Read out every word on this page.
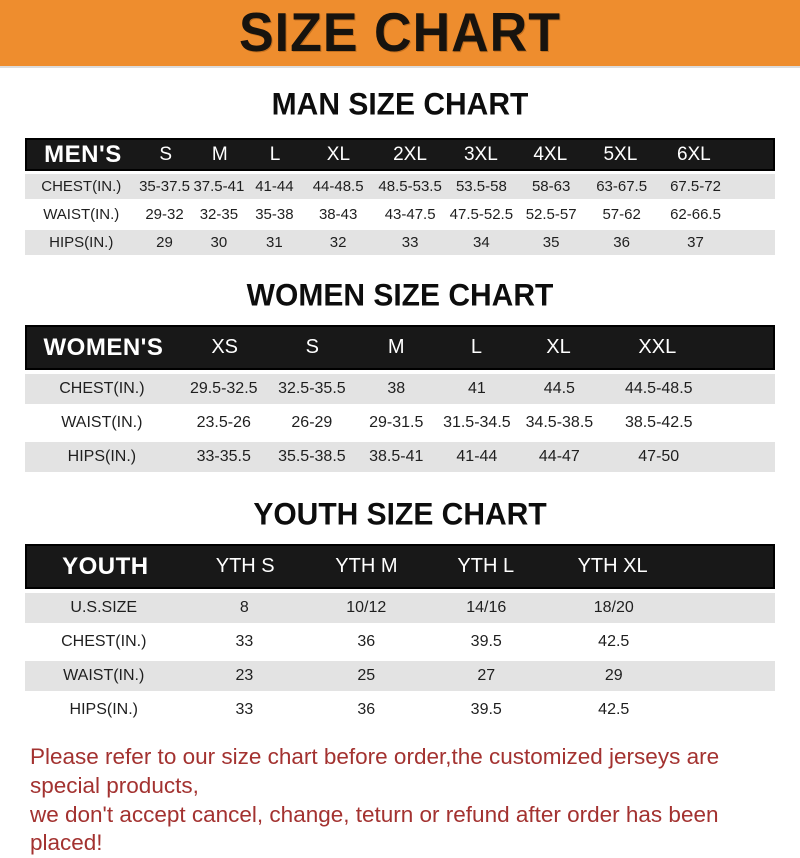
SIZE CHART
MAN SIZE CHART
MEN'S	S	M	L	XL	2XL	3XL	4XL	5XL	6XL
CHEST(IN.)	35-37.5 37.5-41 41-44	44-48.5 48.5-53.5 53.5-58	58-63	63-67.5	67.5-72
WAIST(IN.)	29-32	32-35	35-38	38-43	43-47.5 47.5-52.5 52.5-57	57-62	62-66.5
HIPS(IN.)	29	30	31	32	33	34	35	36	37
WOMEN SIZE CHART
WOMEN'S	XS	S	M	L	XL	XXL
CHEST(IN.)	29.5-32.5	32.5-35.5	38	41	44.5	44.5-48.5
WAIST(IN.)	23.5-26	26-29	29-31.5	31.5-34.5 34.5-38.5	38.5-42.5
HIPS(IN.)	33-35.5	35.5-38.5	38.5-41	41-44	44-47	47-50
YOUTH SIZE CHART
YOUTH	YTH S	YTH M	YTH L	YTH XL
U.S.SIZE	8	10/12	14/16	18/20
CHEST(IN.)	33	36	39.5	42.5
WAIST(IN.)	23	25	27	29
HIPS(IN.)	33	36	39.5	42.5

Please refer to our size chart before order,the customized jerseys are special products,

we don't accept cancel, change, teturn or refund after order has been placed!
